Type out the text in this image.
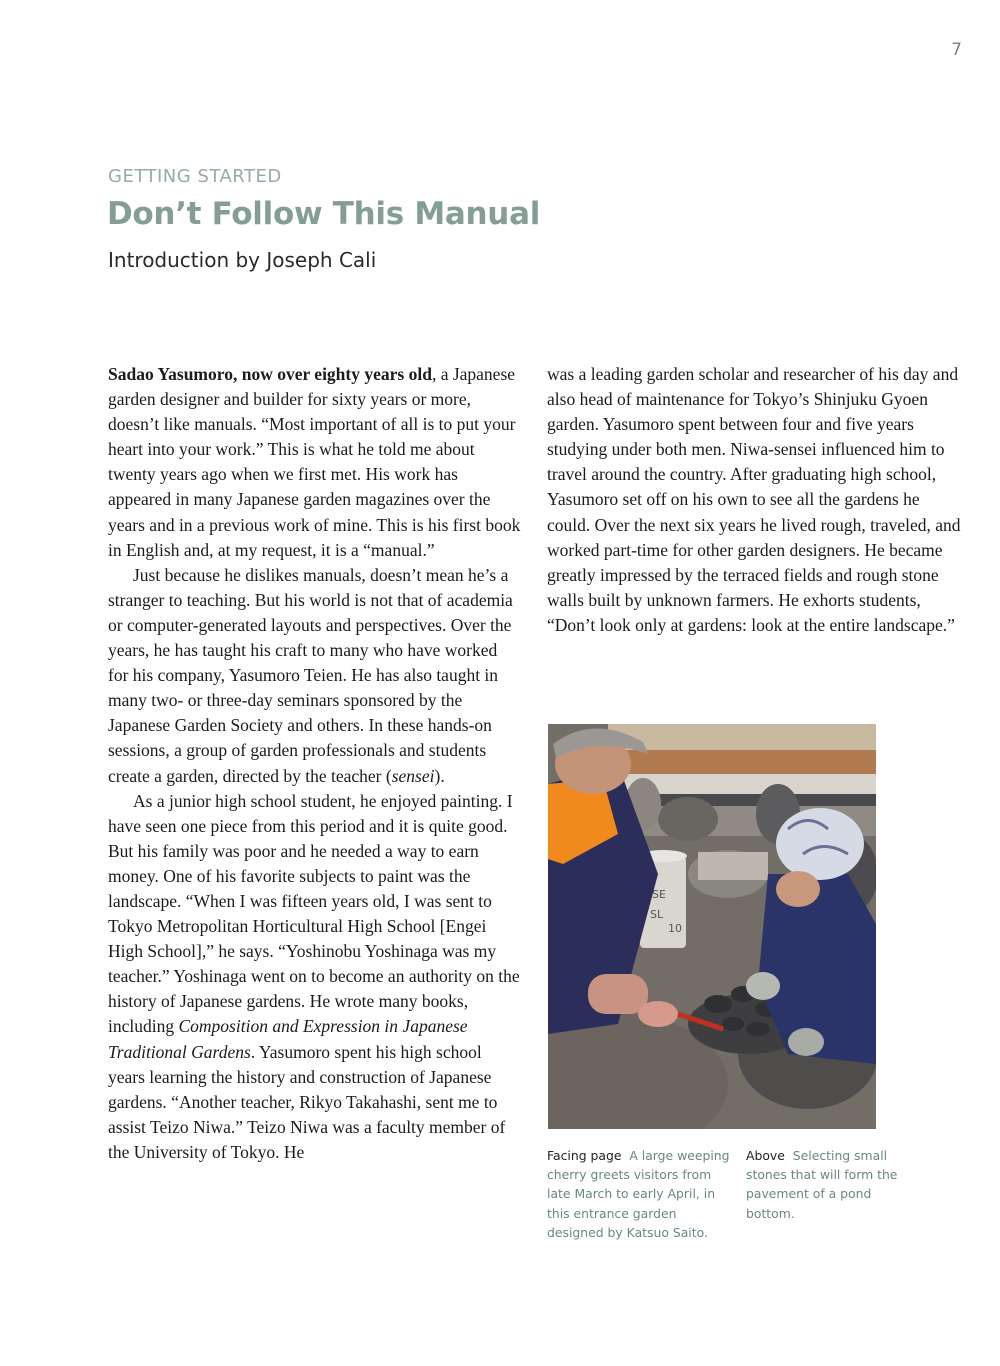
7
GETTING STARTED
Don’t Follow This Manual
Introduction by Joseph Cali

Sadao Yasumoro, now over eighty years old, a Japanese garden designer and builder for sixty years or more, doesn’t like manuals. “Most important of all is to put your heart into your work.” This is what he told me about twenty years ago when we first met. His work has appeared in many Japanese garden magazines over the years and in a previous work of mine. This is his first book in English and, at my request, it is a “manual.”

Just because he dislikes manuals, doesn’t mean he’s a stranger to teaching. But his world is not that of academia or computer-generated layouts and perspectives. Over the years, he has taught his craft to many who have worked for his company, Yasumoro Teien. He has also taught in many two- or three-day seminars sponsored by the Japanese Garden Society and others. In these hands-on sessions, a group of garden professionals and students create a garden, directed by the teacher (sensei).

As a junior high school student, he enjoyed painting. I have seen one piece from this period and it is quite good. But his family was poor and he needed a way to earn money. One of his favorite subjects to paint was the landscape. “When I was fifteen years old, I was sent to Tokyo Metropolitan Horticultural High School [Engei High School],” he says. “Yoshinobu Yoshinaga was my teacher.” Yoshinaga went on to become an authority on the history of Japanese gardens. He wrote many books, including Composition and Expression in Japanese Traditional Gardens. Yasumoro spent his high school years learning the history and construction of Japanese gardens. “Another teacher, Rikyo Takahashi, sent me to assist Teizo Niwa.” Teizo Niwa was a faculty member of the University of Tokyo. He

was a leading garden scholar and researcher of his day and also head of maintenance for Tokyo’s Shinjuku Gyoen garden. Yasumoro spent between four and five years studying under both men. Niwa-sensei influenced him to travel around the country. After graduating high school, Yasumoro set off on his own to see all the gardens he could. Over the next six years he lived rough, traveled, and worked part-time for other garden designers. He became greatly impressed by the terraced fields and rough stone walls built by unknown farmers. He exhorts students, “Don’t look only at gardens: look at the entire landscape.”

SE
SL
10
Facing page A large weeping cherry greets visitors from late March to early April, in this entrance garden designed by Katsuo Saito.
Above Selecting small stones that will form the pavement of a pond bottom.
